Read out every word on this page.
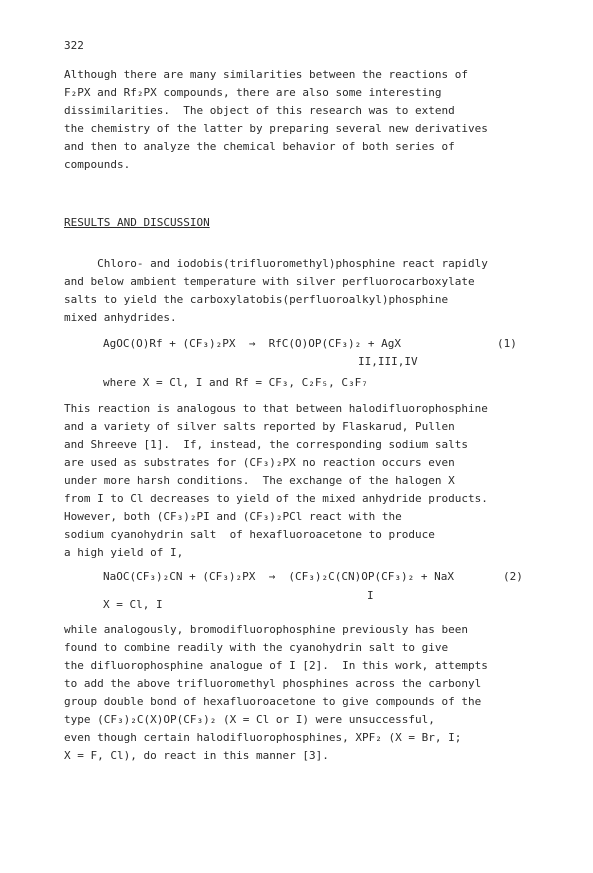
322
Although there are many similarities between the reactions of
F₂PX and Rf₂PX compounds, there are also some interesting
dissimilarities.  The object of this research was to extend
the chemistry of the latter by preparing several new derivatives
and then to analyze the chemical behavior of both series of
compounds.
RESULTS AND DISCUSSION
Chloro- and iodobis(trifluoromethyl)phosphine react rapidly
and below ambient temperature with silver perfluorocarboxylate
salts to yield the carboxylatobis(perfluoroalkyl)phosphine
mixed anhydrides.
AgOC(O)Rf + (CF₃)₂PX  →  RfC(O)OP(CF₃)₂ + AgX	(1)
II,III,IV
where X = Cl, I and Rf = CF₃, C₂F₅, C₃F₇
This reaction is analogous to that between halodifluorophosphine
and a variety of silver salts reported by Flaskarud, Pullen
and Shreeve [1].  If, instead, the corresponding sodium salts
are used as substrates for (CF₃)₂PX no reaction occurs even
under more harsh conditions.  The exchange of the halogen X
from I to Cl decreases to yield of the mixed anhydride products.
However, both (CF₃)₂PI and (CF₃)₂PCl react with the
sodium cyanohydrin salt  of hexafluoroacetone to produce
a high yield of I,
NaOC(CF₃)₂CN + (CF₃)₂PX  →  (CF₃)₂C(CN)OP(CF₃)₂ + NaX	(2)
I
X = Cl, I
while analogously, bromodifluorophosphine previously has been
found to combine readily with the cyanohydrin salt to give
the difluorophosphine analogue of I [2].  In this work, attempts
to add the above trifluoromethyl phosphines across the carbonyl
group double bond of hexafluoroacetone to give compounds of the
type (CF₃)₂C(X)OP(CF₃)₂ (X = Cl or I) were unsuccessful,
even though certain halodifluorophosphines, XPF₂ (X = Br, I;
X = F, Cl), do react in this manner [3].
